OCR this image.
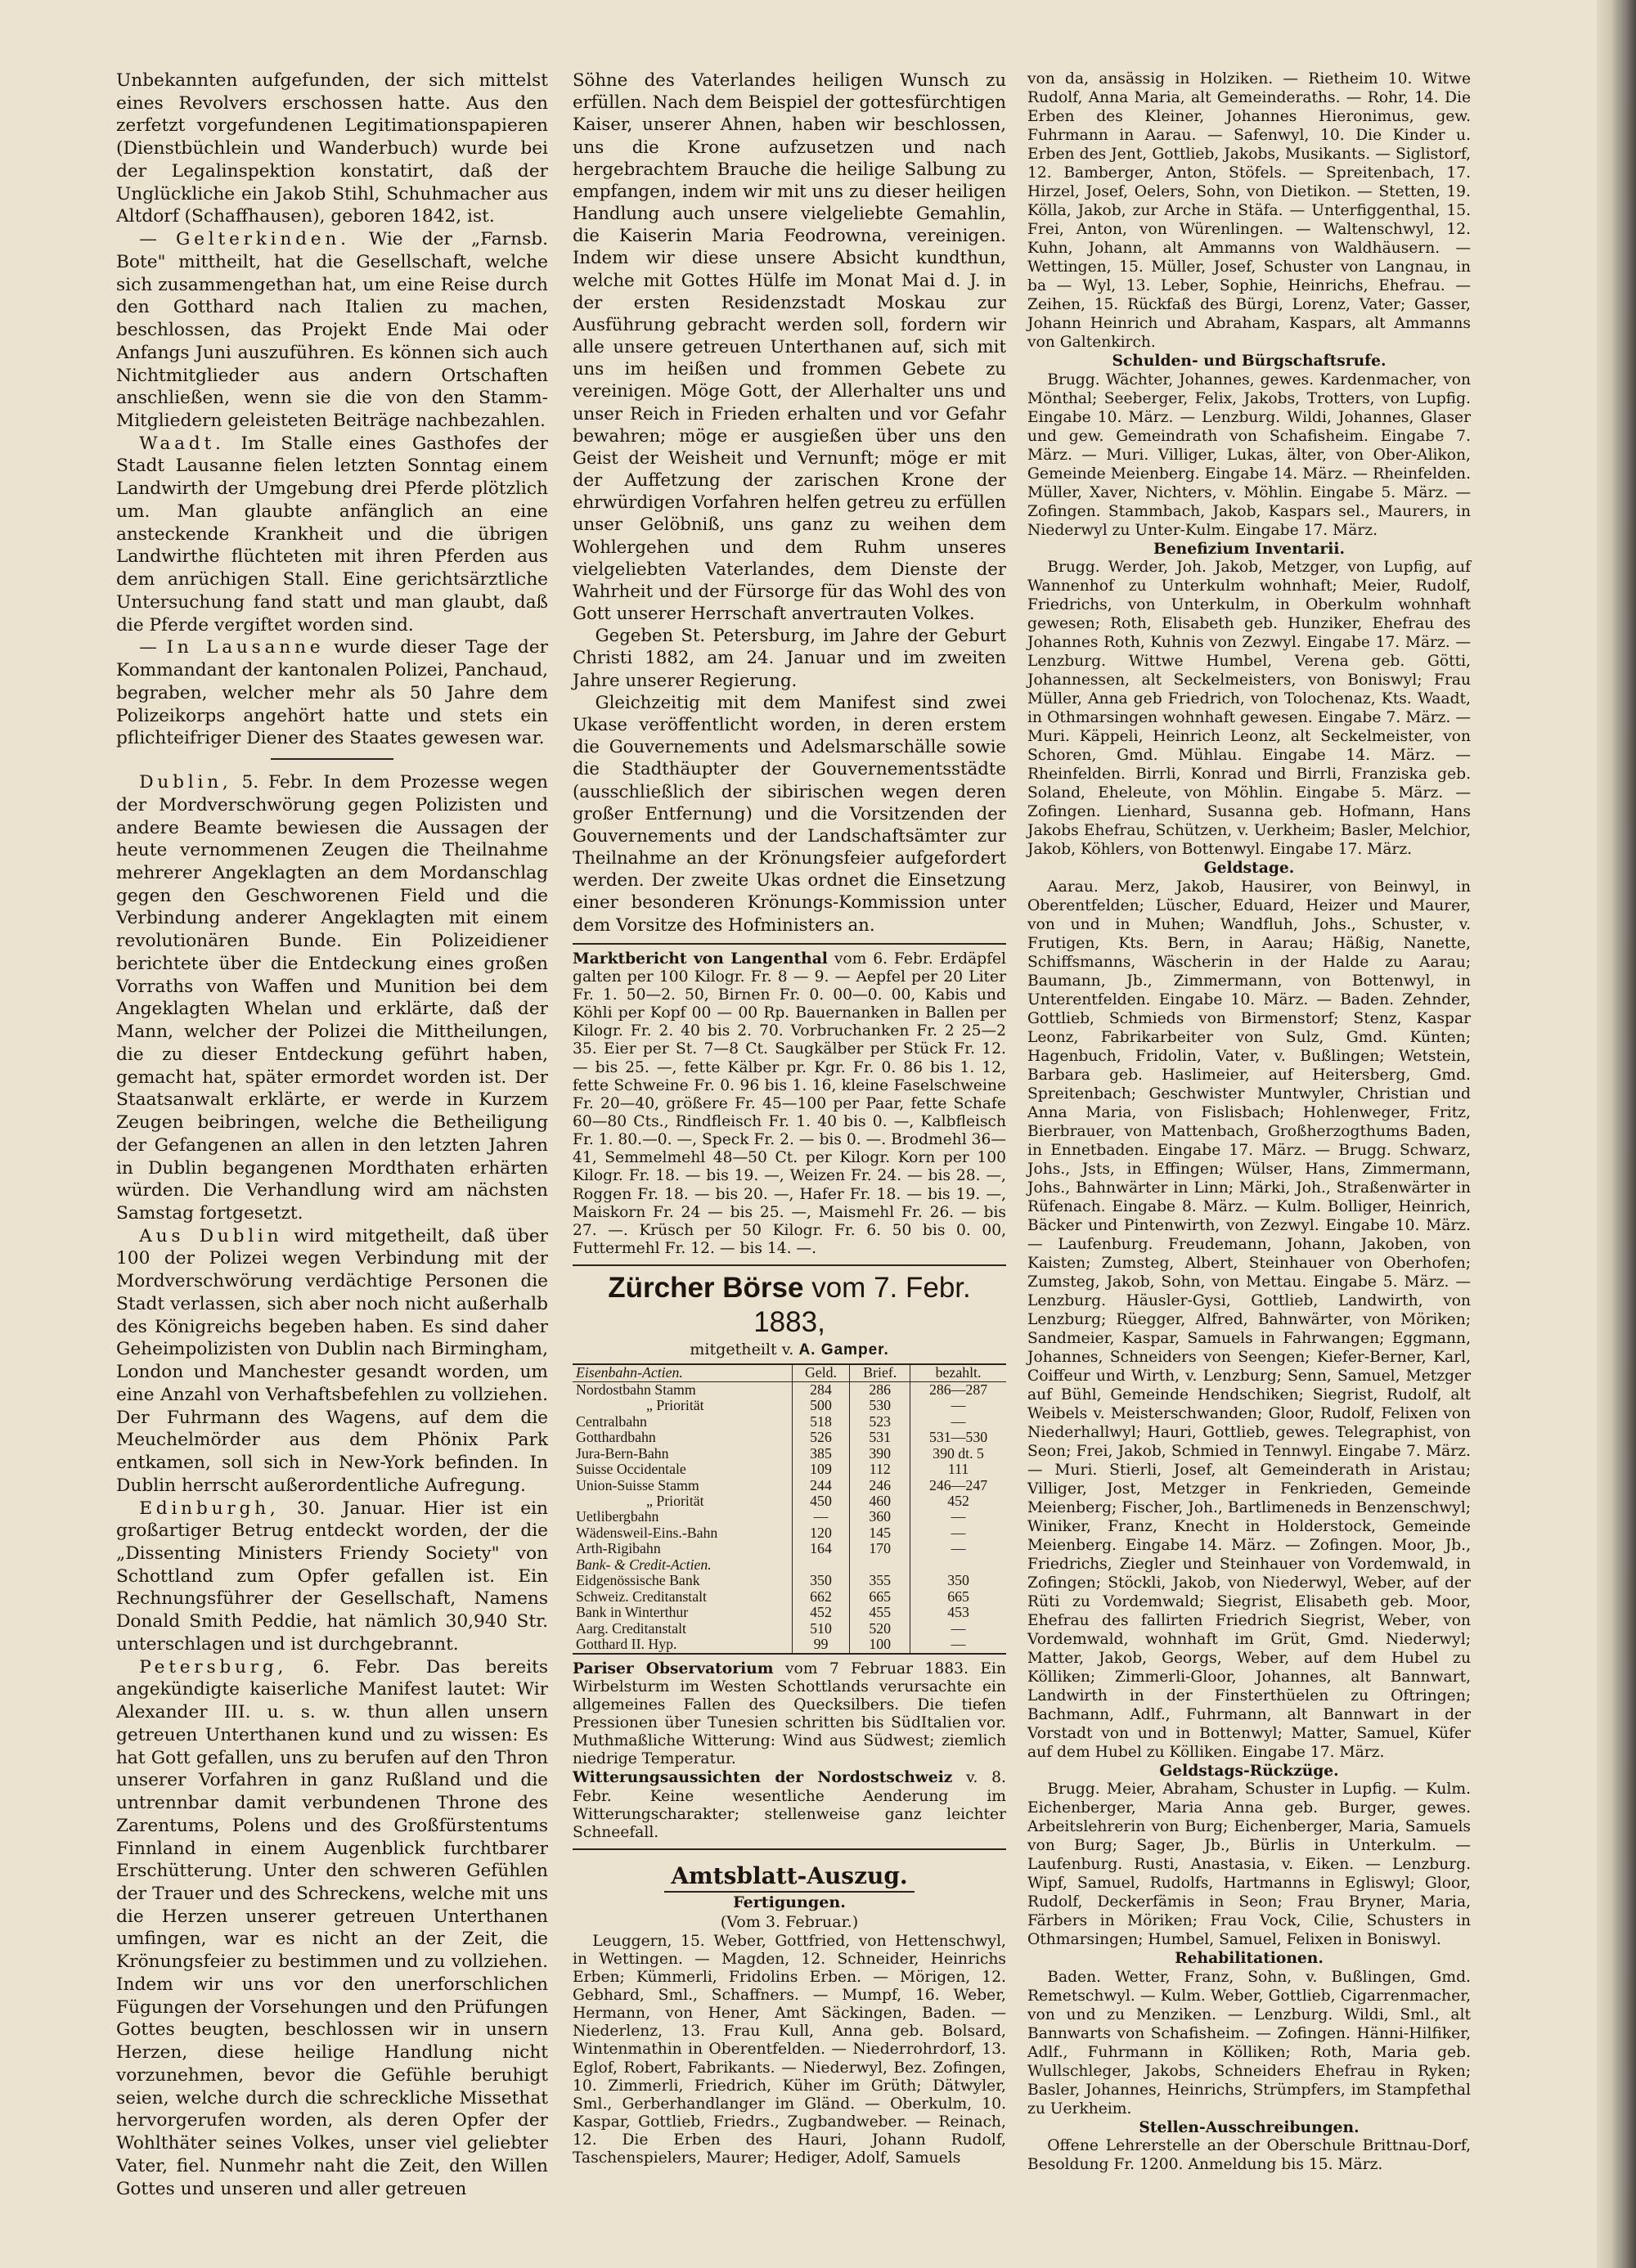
Unbekannten aufgefunden, der sich mittelst eines Revolvers erschossen hatte. Aus den zerfetzt vorgefundenen Legitimationspapieren (Dienstbüchlein und Wanderbuch) wurde bei der Legalinspektion konstatirt, daß der Unglückliche ein Jakob Stihl, Schuhmacher aus Altdorf (Schaffhausen), geboren 1842, ist.

— Gelterkinden. Wie der „Farnsb. Bote" mittheilt, hat die Gesellschaft, welche sich zusammengethan hat, um eine Reise durch den Gotthard nach Italien zu machen, beschlossen, das Projekt Ende Mai oder Anfangs Juni auszuführen. Es können sich auch Nichtmitglieder aus andern Ortschaften anschließen, wenn sie die von den Stamm-Mitgliedern geleisteten Beiträge nachbezahlen.

Waadt. Im Stalle eines Gasthofes der Stadt Lausanne fielen letzten Sonntag einem Landwirth der Umgebung drei Pferde plötzlich um. Man glaubte anfänglich an eine ansteckende Krankheit und die übrigen Landwirthe flüchteten mit ihren Pferden aus dem anrüchigen Stall. Eine gerichtsärztliche Untersuchung fand statt und man glaubt, daß die Pferde vergiftet worden sind.

— In Lausanne wurde dieser Tage der Kommandant der kantonalen Polizei, Panchaud, begraben, welcher mehr als 50 Jahre dem Polizeikorps angehört hatte und stets ein pflichteifriger Diener des Staates gewesen war.

Dublin, 5. Febr. In dem Prozesse wegen der Mordverschwörung gegen Polizisten und andere Beamte bewiesen die Aussagen der heute vernommenen Zeugen die Theilnahme mehrerer Angeklagten an dem Mordanschlag gegen den Geschworenen Field und die Verbindung anderer Angeklagten mit einem revolutionären Bunde. Ein Polizeidiener berichtete über die Entdeckung eines großen Vorraths von Waffen und Munition bei dem Angeklagten Whelan und erklärte, daß der Mann, welcher der Polizei die Mittheilungen, die zu dieser Entdeckung geführt haben, gemacht hat, später ermordet worden ist. Der Staatsanwalt erklärte, er werde in Kurzem Zeugen beibringen, welche die Betheiligung der Gefangenen an allen in den letzten Jahren in Dublin begangenen Mordthaten erhärten würden. Die Verhandlung wird am nächsten Samstag fortgesetzt.

Aus Dublin wird mitgetheilt, daß über 100 der Polizei wegen Verbindung mit der Mordverschwörung verdächtige Personen die Stadt verlassen, sich aber noch nicht außerhalb des Königreichs begeben haben. Es sind daher Geheimpolizisten von Dublin nach Birmingham, London und Manchester gesandt worden, um eine Anzahl von Verhaftsbefehlen zu vollziehen. Der Fuhrmann des Wagens, auf dem die Meuchelmörder aus dem Phönix Park entkamen, soll sich in New-York befinden. In Dublin herrscht außerordentliche Aufregung.

Edinburgh, 30. Januar. Hier ist ein großartiger Betrug entdeckt worden, der die „Dissenting Ministers Friendy Society" von Schottland zum Opfer gefallen ist. Ein Rechnungsführer der Gesellschaft, Namens Donald Smith Peddie, hat nämlich 30,940 Str. unterschlagen und ist durchgebrannt.

Petersburg, 6. Febr. Das bereits angekündigte kaiserliche Manifest lautet: Wir Alexander III. u. s. w. thun allen unsern getreuen Unterthanen kund und zu wissen: Es hat Gott gefallen, uns zu berufen auf den Thron unserer Vorfahren in ganz Rußland und die untrennbar damit verbundenen Throne des Zarentums, Polens und des Großfürstentums Finnland in einem Augenblick furchtbarer Erschütterung. Unter den schweren Gefühlen der Trauer und des Schreckens, welche mit uns die Herzen unserer getreuen Unterthanen umfingen, war es nicht an der Zeit, die Krönungsfeier zu bestimmen und zu vollziehen. Indem wir uns vor den unerforschlichen Fügungen der Vorsehungen und den Prüfungen Gottes beugten, beschlossen wir in unsern Herzen, diese heilige Handlung nicht vorzunehmen, bevor die Gefühle beruhigt seien, welche durch die schreckliche Missethat hervorgerufen worden, als deren Opfer der Wohlthäter seines Volkes, unser viel geliebter Vater, fiel. Nunmehr naht die Zeit, den Willen Gottes und unseren und aller getreuen

Söhne des Vaterlandes heiligen Wunsch zu erfüllen. Nach dem Beispiel der gottesfürchtigen Kaiser, unserer Ahnen, haben wir beschlossen, uns die Krone aufzusetzen und nach hergebrachtem Brauche die heilige Salbung zu empfangen, indem wir mit uns zu dieser heiligen Handlung auch unsere vielgeliebte Gemahlin, die Kaiserin Maria Feodrowna, vereinigen. Indem wir diese unsere Absicht kundthun, welche mit Gottes Hülfe im Monat Mai d. J. in der ersten Residenzstadt Moskau zur Ausführung gebracht werden soll, fordern wir alle unsere getreuen Unterthanen auf, sich mit uns im heißen und frommen Gebete zu vereinigen. Möge Gott, der Allerhalter uns und unser Reich in Frieden erhalten und vor Gefahr bewahren; möge er ausgießen über uns den Geist der Weisheit und Vernunft; möge er mit der Auffetzung der zarischen Krone der ehrwürdigen Vorfahren helfen getreu zu erfüllen unser Gelöbniß, uns ganz zu weihen dem Wohlergehen und dem Ruhm unseres vielgeliebten Vaterlandes, dem Dienste der Wahrheit und der Fürsorge für das Wohl des von Gott unserer Herrschaft anvertrauten Volkes.

Gegeben St. Petersburg, im Jahre der Geburt Christi 1882, am 24. Januar und im zweiten Jahre unserer Regierung.

Gleichzeitig mit dem Manifest sind zwei Ukase veröffentlicht worden, in deren erstem die Gouvernements und Adelsmarschälle sowie die Stadthäupter der Gouvernementsstädte (ausschließlich der sibirischen wegen deren großer Entfernung) und die Vorsitzenden der Gouvernements und der Landschaftsämter zur Theilnahme an der Krönungsfeier aufgefordert werden. Der zweite Ukas ordnet die Einsetzung einer besonderen Krönungs-Kommission unter dem Vorsitze des Hofministers an.

Marktbericht von Langenthal vom 6. Febr. Erdäpfel galten per 100 Kilogr. Fr. 8 — 9. — Aepfel per 20 Liter Fr. 1. 50—2. 50, Birnen Fr. 0. 00—0. 00, Kabis und Köhli per Kopf 00 — 00 Rp. Bauernanken in Ballen per Kilogr. Fr. 2. 40 bis 2. 70. Vorbruchanken Fr. 2 25—2 35. Eier per St. 7—8 Ct. Saugkälber per Stück Fr. 12. — bis 25. —, fette Kälber pr. Kgr. Fr. 0. 86 bis 1. 12, fette Schweine Fr. 0. 96 bis 1. 16, kleine Faselschweine Fr. 20—40, größere Fr. 45—100 per Paar, fette Schafe 60—80 Cts., Rindfleisch Fr. 1. 40 bis 0. —, Kalbfleisch Fr. 1. 80.—0. —, Speck Fr. 2. — bis 0. —. Brodmehl 36—41, Semmelmehl 48—50 Ct. per Kilogr. Korn per 100 Kilogr. Fr. 18. — bis 19. —, Weizen Fr. 24. — bis 28. —, Roggen Fr. 18. — bis 20. —, Hafer Fr. 18. — bis 19. —, Maiskorn Fr. 24 — bis 25. —, Maismehl Fr. 26. — bis 27. —. Krüsch per 50 Kilogr. Fr. 6. 50 bis 0. 00, Futtermehl Fr. 12. — bis 14. —.

Zürcher Börse vom 7. Febr. 1883,
mitgetheilt v. A. Gamper.
Eisenbahn-Actien.	Geld.	Brief.	bezahlt.
Nordostbahn Stamm	284	286	286—287
„ Priorität	500	530	—
Centralbahn	518	523	—
Gotthardbahn	526	531	531—530
Jura-Bern-Bahn	385	390	390 dt. 5
Suisse Occidentale	109	112	111
Union-Suisse Stamm	244	246	246—247
„ Priorität	450	460	452
Uetlibergbahn	—	360	—
Wädensweil-Eins.-Bahn	120	145	—
Arth-Rigibahn	164	170	—
Bank- & Credit-Actien.			
Eidgenössische Bank	350	355	350
Schweiz. Creditanstalt	662	665	665
Bank in Winterthur	452	455	453
Aarg. Creditanstalt	510	520	—
Gotthard II. Hyp.	99	100	—

Pariser Observatorium vom 7 Februar 1883. Ein Wirbelsturm im Westen Schottlands verursachte ein allgemeines Fallen des Quecksilbers. Die tiefen Pressionen über Tunesien schritten bis SüdItalien vor. Muthmaßliche Witterung: Wind aus Südwest; ziemlich niedrige Temperatur.

Witterungsaussichten der Nordostschweiz v. 8. Febr. Keine wesentliche Aenderung im Witterungscharakter; stellenweise ganz leichter Schneefall.

Amtsblatt-Auszug.
Fertigungen.
(Vom 3. Februar.)

Leuggern, 15. Weber, Gottfried, von Hettenschwyl, in Wettingen. — Magden, 12. Schneider, Heinrichs Erben; Kümmerli, Fridolins Erben. — Mörigen, 12. Gebhard, Sml., Schaffners. — Mumpf, 16. Weber, Hermann, von Hener, Amt Säckingen, Baden. — Niederlenz, 13. Frau Kull, Anna geb. Bolsard, Wintenmathin in Oberentfelden. — Niederrohrdorf, 13. Eglof, Robert, Fabrikants. — Niederwyl, Bez. Zofingen, 10. Zimmerli, Friedrich, Küher im Grüth; Dätwyler, Sml., Gerberhandlanger im Gländ. — Oberkulm, 10. Kaspar, Gottlieb, Friedrs., Zugbandweber. — Reinach, 12. Die Erben des Hauri, Johann Rudolf, Taschenspielers, Maurer; Hediger, Adolf, Samuels

von da, ansässig in Holziken. — Rietheim 10. Witwe Rudolf, Anna Maria, alt Gemeinderaths. — Rohr, 14. Die Erben des Kleiner, Johannes Hieronimus, gew. Fuhrmann in Aarau. — Safenwyl, 10. Die Kinder u. Erben des Jent, Gottlieb, Jakobs, Musikants. — Siglistorf, 12. Bamberger, Anton, Stöfels. — Spreitenbach, 17. Hirzel, Josef, Oelers, Sohn, von Dietikon. — Stetten, 19. Kölla, Jakob, zur Arche in Stäfa. — Unterfiggenthal, 15. Frei, Anton, von Würenlingen. — Waltenschwyl, 12. Kuhn, Johann, alt Ammanns von Waldhäusern. — Wettingen, 15. Müller, Josef, Schuster von Langnau, in ba — Wyl, 13. Leber, Sophie, Heinrichs, Ehefrau. — Zeihen, 15. Rückfaß des Bürgi, Lorenz, Vater; Gasser, Johann Heinrich und Abraham, Kaspars, alt Ammanns von Galtenkirch.

Schulden- und Bürgschaftsrufe.

Brugg. Wächter, Johannes, gewes. Kardenmacher, von Mönthal; Seeberger, Felix, Jakobs, Trotters, von Lupfig. Eingabe 10. März. — Lenzburg. Wildi, Johannes, Glaser und gew. Gemeindrath von Schafisheim. Eingabe 7. März. — Muri. Villiger, Lukas, älter, von Ober-Alikon, Gemeinde Meienberg. Eingabe 14. März. — Rheinfelden. Müller, Xaver, Nichters, v. Möhlin. Eingabe 5. März. — Zofingen. Stammbach, Jakob, Kaspars sel., Maurers, in Niederwyl zu Unter-Kulm. Eingabe 17. März.

Benefizium Inventarii.

Brugg. Werder, Joh. Jakob, Metzger, von Lupfig, auf Wannenhof zu Unterkulm wohnhaft; Meier, Rudolf, Friedrichs, von Unterkulm, in Oberkulm wohnhaft gewesen; Roth, Elisabeth geb. Hunziker, Ehefrau des Johannes Roth, Kuhnis von Zezwyl. Eingabe 17. März. — Lenzburg. Wittwe Humbel, Verena geb. Götti, Johannessen, alt Seckelmeisters, von Boniswyl; Frau Müller, Anna geb Friedrich, von Tolochenaz, Kts. Waadt, in Othmarsingen wohnhaft gewesen. Eingabe 7. März. — Muri. Käppeli, Heinrich Leonz, alt Seckelmeister, von Schoren, Gmd. Mühlau. Eingabe 14. März. — Rheinfelden. Birrli, Konrad und Birrli, Franziska geb. Soland, Eheleute, von Möhlin. Eingabe 5. März. — Zofingen. Lienhard, Susanna geb. Hofmann, Hans Jakobs Ehefrau, Schützen, v. Uerkheim; Basler, Melchior, Jakob, Köhlers, von Bottenwyl. Eingabe 17. März.

Geldstage.

Aarau. Merz, Jakob, Hausirer, von Beinwyl, in Oberentfelden; Lüscher, Eduard, Heizer und Maurer, von und in Muhen; Wandfluh, Johs., Schuster, v. Frutigen, Kts. Bern, in Aarau; Häßig, Nanette, Schiffsmanns, Wäscherin in der Halde zu Aarau; Baumann, Jb., Zimmermann, von Bottenwyl, in Unterentfelden. Eingabe 10. März. — Baden. Zehnder, Gottlieb, Schmieds von Birmenstorf; Stenz, Kaspar Leonz, Fabrikarbeiter von Sulz, Gmd. Künten; Hagenbuch, Fridolin, Vater, v. Bußlingen; Wetstein, Barbara geb. Haslimeier, auf Heitersberg, Gmd. Spreitenbach; Geschwister Muntwyler, Christian und Anna Maria, von Fislisbach; Hohlenweger, Fritz, Bierbrauer, von Mattenbach, Großherzogthums Baden, in Ennetbaden. Eingabe 17. März. — Brugg. Schwarz, Johs., Jsts, in Effingen; Wülser, Hans, Zimmermann, Johs., Bahnwärter in Linn; Märki, Joh., Straßenwärter in Rüfenach. Eingabe 8. März. — Kulm. Bolliger, Heinrich, Bäcker und Pintenwirth, von Zezwyl. Eingabe 10. März. — Laufenburg. Freudemann, Johann, Jakoben, von Kaisten; Zumsteg, Albert, Steinhauer von Oberhofen; Zumsteg, Jakob, Sohn, von Mettau. Eingabe 5. März. — Lenzburg. Häusler-Gysi, Gottlieb, Landwirth, von Lenzburg; Rüegger, Alfred, Bahnwärter, von Möriken; Sandmeier, Kaspar, Samuels in Fahrwangen; Eggmann, Johannes, Schneiders von Seengen; Kiefer-Berner, Karl, Coiffeur und Wirth, v. Lenzburg; Senn, Samuel, Metzger auf Bühl, Gemeinde Hendschiken; Siegrist, Rudolf, alt Weibels v. Meisterschwanden; Gloor, Rudolf, Felixen von Niederhallwyl; Hauri, Gottlieb, gewes. Telegraphist, von Seon; Frei, Jakob, Schmied in Tennwyl. Eingabe 7. März. — Muri. Stierli, Josef, alt Gemeinderath in Aristau; Villiger, Jost, Metzger in Fenkrieden, Gemeinde Meienberg; Fischer, Joh., Bartlimeneds in Benzenschwyl; Winiker, Franz, Knecht in Holderstock, Gemeinde Meienberg. Eingabe 14. März. — Zofingen. Moor, Jb., Friedrichs, Ziegler und Steinhauer von Vordemwald, in Zofingen; Stöckli, Jakob, von Niederwyl, Weber, auf der Rüti zu Vordemwald; Siegrist, Elisabeth geb. Moor, Ehefrau des fallirten Friedrich Siegrist, Weber, von Vordemwald, wohnhaft im Grüt, Gmd. Niederwyl; Matter, Jakob, Georgs, Weber, auf dem Hubel zu Kölliken; Zimmerli-Gloor, Johannes, alt Bannwart, Landwirth in der Finsterthüelen zu Oftringen; Bachmann, Adlf., Fuhrmann, alt Bannwart in der Vorstadt von und in Bottenwyl; Matter, Samuel, Küfer auf dem Hubel zu Kölliken. Eingabe 17. März.

Geldstags-Rückzüge.

Brugg. Meier, Abraham, Schuster in Lupfig. — Kulm. Eichenberger, Maria Anna geb. Burger, gewes. Arbeitslehrerin von Burg; Eichenberger, Maria, Samuels von Burg; Sager, Jb., Bürlis in Unterkulm. — Laufenburg. Rusti, Anastasia, v. Eiken. — Lenzburg. Wipf, Samuel, Rudolfs, Hartmanns in Egliswyl; Gloor, Rudolf, Deckerfämis in Seon; Frau Bryner, Maria, Färbers in Möriken; Frau Vock, Cilie, Schusters in Othmarsingen; Humbel, Samuel, Felixen in Boniswyl.

Rehabilitationen.

Baden. Wetter, Franz, Sohn, v. Bußlingen, Gmd. Remetschwyl. — Kulm. Weber, Gottlieb, Cigarrenmacher, von und zu Menziken. — Lenzburg. Wildi, Sml., alt Bannwarts von Schafisheim. — Zofingen. Hänni-Hilfiker, Adlf., Fuhrmann in Kölliken; Roth, Maria geb. Wullschleger, Jakobs, Schneiders Ehefrau in Ryken; Basler, Johannes, Heinrichs, Strümpfers, im Stampfethal zu Uerkheim.

Stellen-Ausschreibungen.

Offene Lehrerstelle an der Oberschule Brittnau-Dorf, Besoldung Fr. 1200. Anmeldung bis 15. März.
